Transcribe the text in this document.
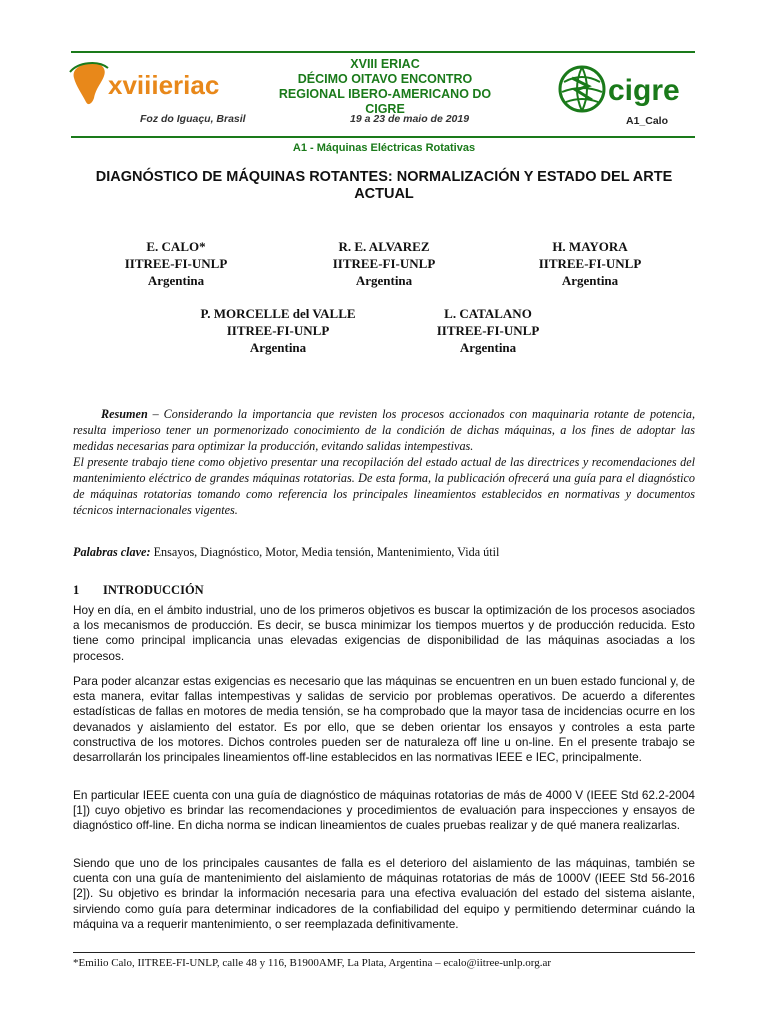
xviiieriac
XVIII ERIAC
DÉCIMO OITAVO ENCONTRO
REGIONAL IBERO-AMERICANO DO CIGRE
cigre
Foz do Iguaçu, Brasil	19 a 23 de maio de 2019	A1_Calo
A1 - Máquinas Eléctricas Rotativas
DIAGNÓSTICO DE MÁQUINAS ROTANTES: NORMALIZACIÓN Y ESTADO DEL ARTE ACTUAL
E. CALO*
IITREE-FI-UNLP
Argentina
R. E. ALVAREZ
IITREE-FI-UNLP
Argentina
H. MAYORA
IITREE-FI-UNLP
Argentina
P. MORCELLE del VALLE
IITREE-FI-UNLP
Argentina
L. CATALANO
IITREE-FI-UNLP
Argentina
Resumen – Considerando la importancia que revisten los procesos accionados con maquinaria rotante de potencia, resulta imperioso tener un pormenorizado conocimiento de la condición de dichas máquinas, a los fines de adoptar las medidas necesarias para optimizar la producción, evitando salidas intempestivas.
El presente trabajo tiene como objetivo presentar una recopilación del estado actual de las directrices y recomendaciones del mantenimiento eléctrico de grandes máquinas rotatorias. De esta forma, la publicación ofrecerá una guía para el diagnóstico de máquinas rotatorias tomando como referencia los principales lineamientos establecidos en normativas y documentos técnicos internacionales vigentes.
Palabras clave: Ensayos, Diagnóstico, Motor, Media tensión, Mantenimiento, Vida útil
1 INTRODUCCIÓN

Hoy en día, en el ámbito industrial, uno de los primeros objetivos es buscar la optimización de los procesos asociados a los mecanismos de producción. Es decir, se busca minimizar los tiempos muertos y de producción reducida. Esto tiene como principal implicancia unas elevadas exigencias de disponibilidad de las máquinas asociadas a los procesos.

Para poder alcanzar estas exigencias es necesario que las máquinas se encuentren en un buen estado funcional y, de esta manera, evitar fallas intempestivas y salidas de servicio por problemas operativos. De acuerdo a diferentes estadísticas de fallas en motores de media tensión, se ha comprobado que la mayor tasa de incidencias ocurre en los devanados y aislamiento del estator. Es por ello, que se deben orientar los ensayos y controles a esta parte constructiva de los motores. Dichos controles pueden ser de naturaleza off line u on-line. En el presente trabajo se desarrollarán los principales lineamientos off-line establecidos en las normativas IEEE e IEC, principalmente.

En particular IEEE cuenta con una guía de diagnóstico de máquinas rotatorias de más de 4000 V (IEEE Std 62.2-2004 [1]) cuyo objetivo es brindar las recomendaciones y procedimientos de evaluación para inspecciones y ensayos de diagnóstico off-line. En dicha norma se indican lineamientos de cuales pruebas realizar y de qué manera realizarlas.

Siendo que uno de los principales causantes de falla es el deterioro del aislamiento de las máquinas, también se cuenta con una guía de mantenimiento del aislamiento de máquinas rotatorias de más de 1000V (IEEE Std 56-2016 [2]). Su objetivo es brindar la información necesaria para una efectiva evaluación del estado del sistema aislante, sirviendo como guía para determinar indicadores de la confiabilidad del equipo y permitiendo determinar cuándo la máquina va a requerir mantenimiento, o ser reemplazada definitivamente.

*Emilio Calo, IITREE-FI-UNLP, calle 48 y 116, B1900AMF, La Plata, Argentina – ecalo@iitree-unlp.org.ar
